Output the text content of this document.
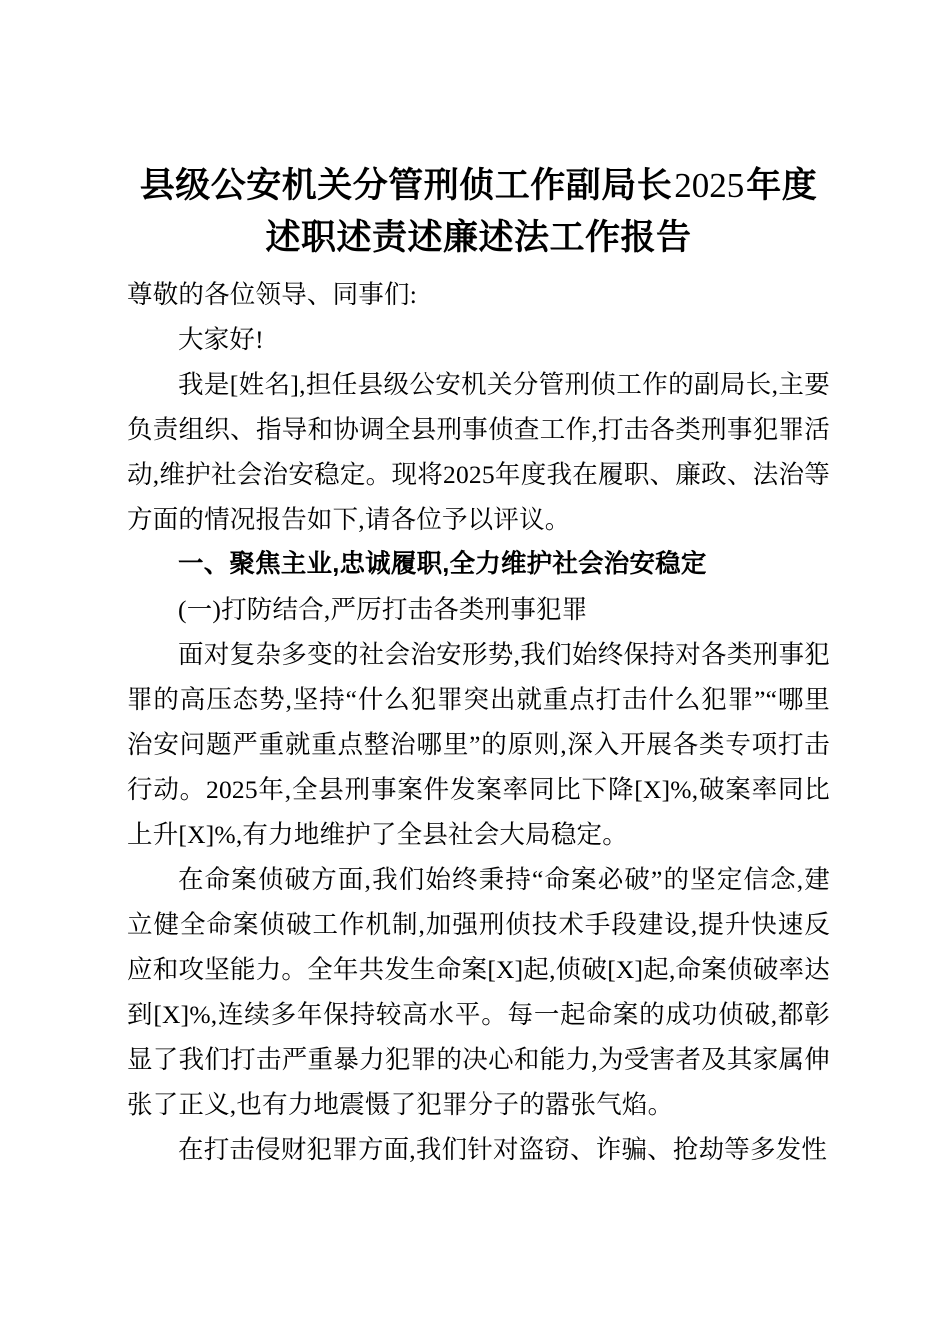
县级公安机关分管刑侦工作副局长2025年度
述职述责述廉述法工作报告

尊敬的各位领导、同事们:

大家好!

我是[姓名],担任县级公安机关分管刑侦工作的副局长,主要负责组织、指导和协调全县刑事侦查工作,打击各类刑事犯罪活动,维护社会治安稳定。现将2025年度我在履职、廉政、法治等方面的情况报告如下,请各位予以评议。

一、聚焦主业,忠诚履职,全力维护社会治安稳定

(一)打防结合,严厉打击各类刑事犯罪

面对复杂多变的社会治安形势,我们始终保持对各类刑事犯罪的高压态势,坚持“什么犯罪突出就重点打击什么犯罪”“哪里治安问题严重就重点整治哪里”的原则,深入开展各类专项打击行动。2025年,全县刑事案件发案率同比下降[X]%,破案率同比上升[X]%,有力地维护了全县社会大局稳定。

在命案侦破方面,我们始终秉持“命案必破”的坚定信念,建立健全命案侦破工作机制,加强刑侦技术手段建设,提升快速反应和攻坚能力。全年共发生命案[X]起,侦破[X]起,命案侦破率达到[X]%,连续多年保持较高水平。每一起命案的成功侦破,都彰显了我们打击严重暴力犯罪的决心和能力,为受害者及其家属伸张了正义,也有力地震慑了犯罪分子的嚣张气焰。

在打击侵财犯罪方面,我们针对盗窃、诈骗、抢劫等多发性
